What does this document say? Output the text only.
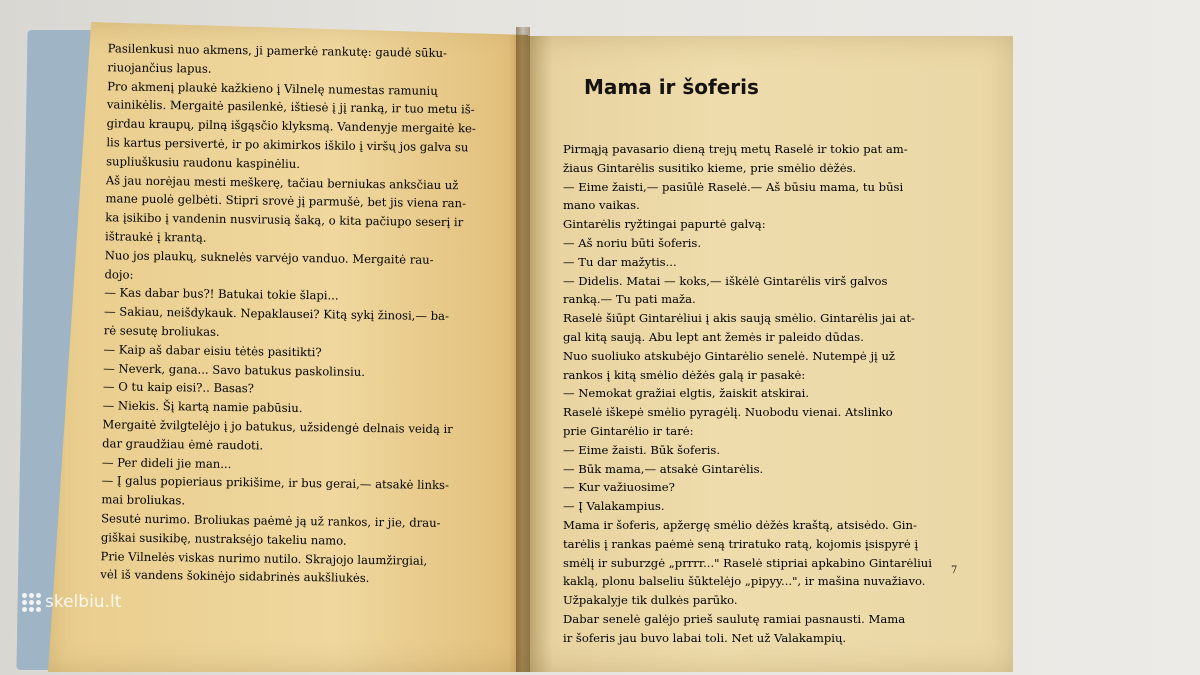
Pasilenkusi nuo akmens, ji pamerkė rankutę: gaudė sūku-
riuojančius lapus.
Pro akmenį plaukė kažkieno į Vilnelę numestas ramunių
vainikėlis. Mergaitė pasilenkė, ištiesė į jį ranką, ir tuo metu iš-
girdau kraupų, pilną išgąsčio klyksmą. Vandenyje mergaitė ke-
lis kartus persivertė, ir po akimirkos iškilo į viršų jos galva su
supliuškusiu raudonu kaspinėliu.
Aš jau norėjau mesti meškerę, tačiau berniukas anksčiau už
mane puolė gelbėti. Stipri srovė jį parmušė, bet jis viena ran-
ka įsikibo į vandenin nusvirusią šaką, o kita pačiupo seserį ir
ištraukė į krantą.
Nuo jos plaukų, suknelės varvėjo vanduo. Mergaitė rau-
dojo:
— Kas dabar bus?! Batukai tokie šlapi...
— Sakiau, neišdykauk. Nepaklausei? Kitą sykį žinosi,— ba-
rė sesutę broliukas.
— Kaip aš dabar eisiu tėtės pasitikti?
— Neverk, gana... Savo batukus paskolinsiu.
— O tu kaip eisi?.. Basas?
— Niekis. Šį kartą namie pabūsiu.
Mergaitė žvilgtelėjo į jo batukus, užsidengė delnais veidą ir
dar graudžiau ėmė raudoti.
— Per dideli jie man...
— Į galus popieriaus prikišime, ir bus gerai,— atsakė links-
mai broliukas.
Sesutė nurimo. Broliukas paėmė ją už rankos, ir jie, drau-
giškai susikibę, nustraksėjo takeliu namo.
Prie Vilnelės viskas nurimo nutilo. Skrajojo laumžirgiai,
vėl iš vandens šokinėjo sidabrinės aukšliukės.
Mama ir šoferis
Pirmąją pavasario dieną trejų metų Raselė ir tokio pat am-
žiaus Gintarėlis susitiko kieme, prie smėlio dėžės.
— Eime žaisti,— pasiūlė Raselė.— Aš būsiu mama, tu būsi
mano vaikas.
Gintarėlis ryžtingai papurtė galvą:
— Aš noriu būti šoferis.
— Tu dar mažytis...
— Didelis. Matai — koks,— iškėlė Gintarėlis virš galvos
ranką.— Tu pati maža.
Raselė šiūpt Gintarėliui į akis saują smėlio. Gintarėlis jai at-
gal kitą saują. Abu lept ant žemės ir paleido dūdas.
Nuo suoliuko atskubėjo Gintarėlio senelė. Nutempė jį už
rankos į kitą smėlio dėžės galą ir pasakė:
— Nemokat gražiai elgtis, žaiskit atskirai.
Raselė iškepė smėlio pyragėlį. Nuobodu vienai. Atslinko
prie Gintarėlio ir tarė:
— Eime žaisti. Būk šoferis.
— Būk mama,— atsakė Gintarėlis.
— Kur važiuosime?
— Į Valakampius.
Mama ir šoferis, apžergę smėlio dėžės kraštą, atsisėdo. Gin-
tarėlis į rankas paėmė seną triratuko ratą, kojomis įsispyrė į
smėlį ir suburzgė „prrrr..." Raselė stipriai apkabino Gintarėliui
kaklą, plonu balseliu šūktelėjo „pipyy...", ir mašina nuvažiavo.
Užpakalyje tik dulkės parūko.
Dabar senelė galėjo prieš saulutę ramiai pasnausti. Mama
ir šoferis jau buvo labai toli. Net už Valakampių.
7
skelbiu.lt
